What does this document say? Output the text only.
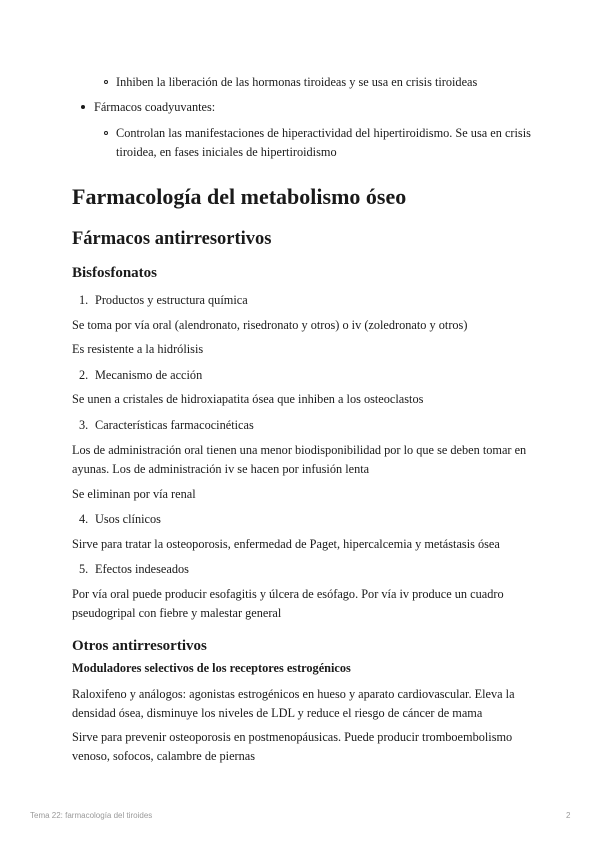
Inhiben la liberación de las hormonas tiroideas y se usa en crisis tiroideas
Fármacos coadyuvantes:
Controlan las manifestaciones de hiperactividad del hipertiroidismo. Se usa en crisis
tiroidea, en fases iniciales de hipertiroidismo
Farmacología del metabolismo óseo
Fármacos antirresortivos
Bisfosfonatos
1. Productos y estructura química
Se toma por vía oral (alendronato, risedronato y otros) o iv (zoledronato y otros)
Es resistente a la hidrólisis
2. Mecanismo de acción
Se unen a cristales de hidroxiapatita ósea que inhiben a los osteoclastos
3. Características farmacocinéticas
Los de administración oral tienen una menor biodisponibilidad por lo que se deben tomar en
ayunas. Los de administración iv se hacen por infusión lenta
Se eliminan por vía renal
4. Usos clínicos
Sirve para tratar la osteoporosis, enfermedad de Paget, hipercalcemia y metástasis ósea
5. Efectos indeseados
Por vía oral puede producir esofagitis y úlcera de esófago. Por vía iv produce un cuadro
pseudogripal con fiebre y malestar general
Otros antirresortivos
Moduladores selectivos de los receptores estrogénicos
Raloxifeno y análogos: agonistas estrogénicos en hueso y aparato cardiovascular. Eleva la
densidad ósea, disminuye los niveles de LDL y reduce el riesgo de cáncer de mama
Sirve para prevenir osteoporosis en postmenopáusicas. Puede producir tromboembolismo
venoso, sofocos, calambre de piernas
Tema 22: farmacología del tiroides	2
